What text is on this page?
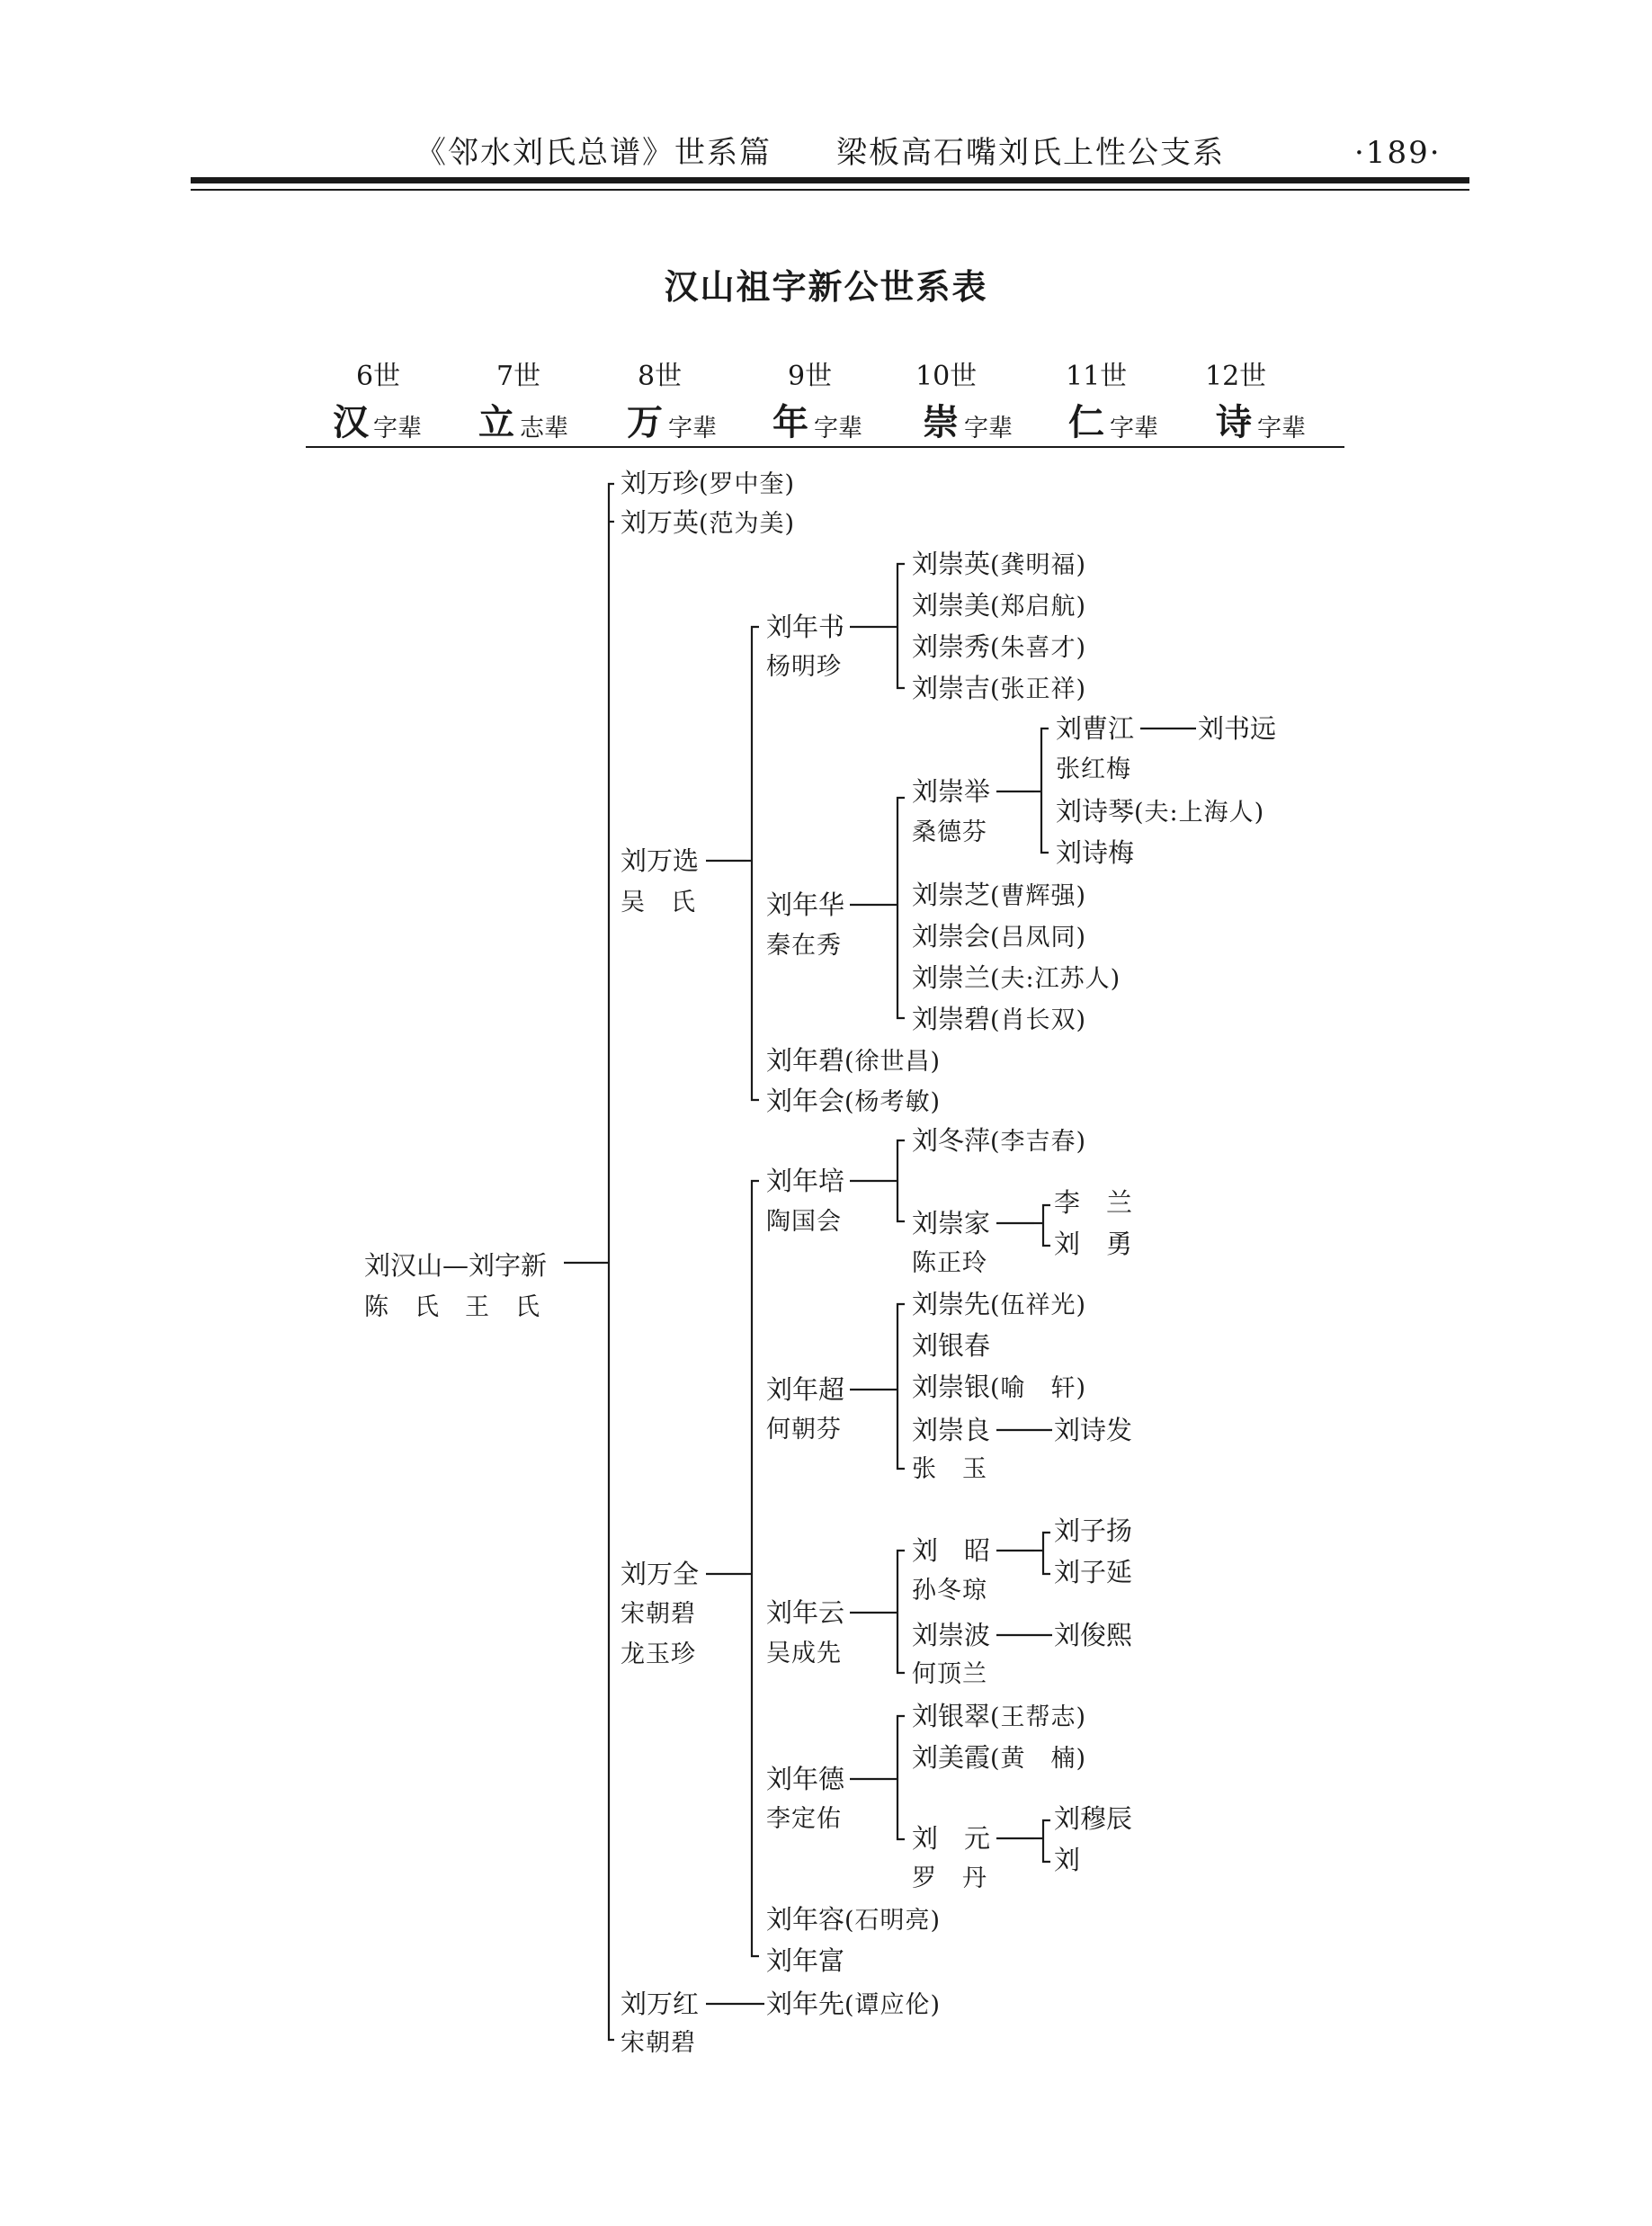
《邻水刘氏总谱》世系篇 梁板高石嘴刘氏上性公支系	·189·
汉山祖字新公世系表
6世	7世	8世	9世	10世	11世	12世
汉 字辈 立 志辈 万 字辈 年 字辈 崇 字辈 仁 字辈 诗 字辈
刘汉山—刘字新
陈　氏　王　氏
刘万珍(罗中奎)
刘万英(范为美)
刘万选
吴　氏
刘年书
杨明珍
刘崇英(龚明福)
刘崇美(郑启航)
刘崇秀(朱喜才)
刘崇吉(张正祥)
刘年华
秦在秀
刘崇举
桑德芬
刘曹江 刘书远
张红梅
刘诗琴(夫:上海人)
刘诗梅
刘崇芝(曹辉强)
刘崇会(吕凤同)
刘崇兰(夫:江苏人)
刘崇碧(肖长双)
刘年碧(徐世昌)
刘年会(杨考敏)
刘万全
宋朝碧
龙玉珍
刘年培
陶国会
刘冬萍(李吉春)
刘崇家
陈正玲
李　兰
刘　勇
刘年超
何朝芬
刘崇先(伍祥光)
刘银春
刘崇银(喻　轩)
刘崇良 刘诗发
张　玉
刘年云
吴成先
刘　昭
孙冬琼
刘子扬
刘子延
刘崇波 刘俊熙
何顶兰
刘年德
李定佑
刘银翠(王帮志)
刘美霞(黄　楠)
刘　元
罗　丹
刘穆辰
刘
刘年容(石明亮)
刘年富
刘万红
宋朝碧
刘年先(谭应伦)
